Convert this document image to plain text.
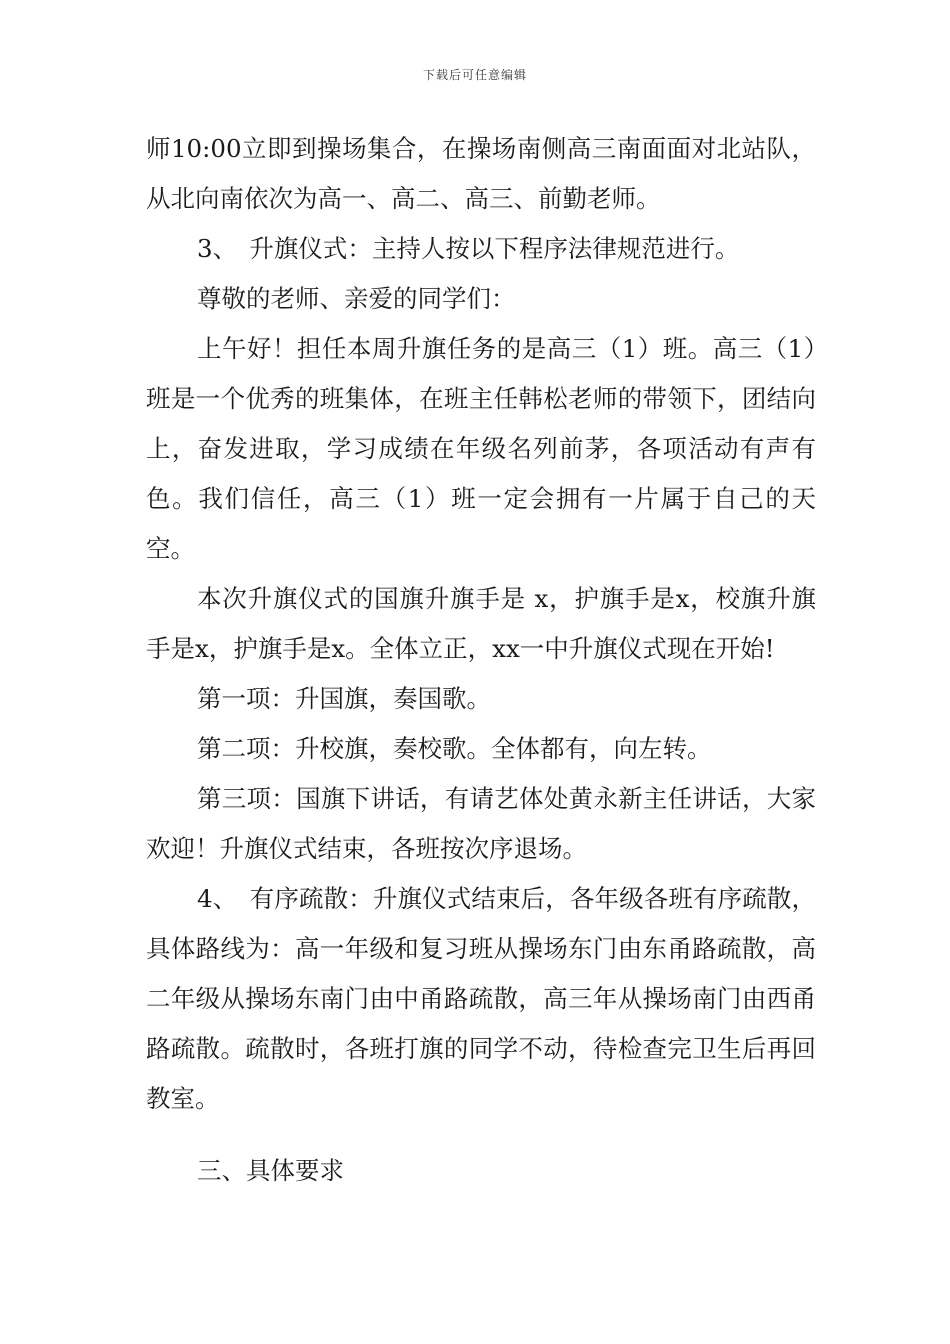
下载后可任意编辑

师10:00立即到操场集合，在操场南侧高三南面面对北站队，从北向南依次为高一、高二、高三、前勤老师。

3、　升旗仪式：主持人按以下程序法律规范进行。

尊敬的老师、亲爱的同学们：

上午好！担任本周升旗任务的是高三（1）班。高三（1）班是一个优秀的班集体，在班主任韩松老师的带领下，团结向上，奋发进取，学习成绩在年级名列前茅，各项活动有声有色。我们信任，高三（1）班一定会拥有一片属于自己的天空。

本次升旗仪式的国旗升旗手是 x，护旗手是x，校旗升旗手是x，护旗手是x。全体立正，xx一中升旗仪式现在开始!

第一项：升国旗，奏国歌。

第二项：升校旗，奏校歌。全体都有，向左转。

第三项：国旗下讲话，有请艺体处黄永新主任讲话，大家欢迎！升旗仪式结束，各班按次序退场。

4、　有序疏散：升旗仪式结束后，各年级各班有序疏散，具体路线为：高一年级和复习班从操场东门由东甬路疏散，高二年级从操场东南门由中甬路疏散，高三年从操场南门由西甬路疏散。疏散时，各班打旗的同学不动，待检查完卫生后再回教室。

三、具体要求
